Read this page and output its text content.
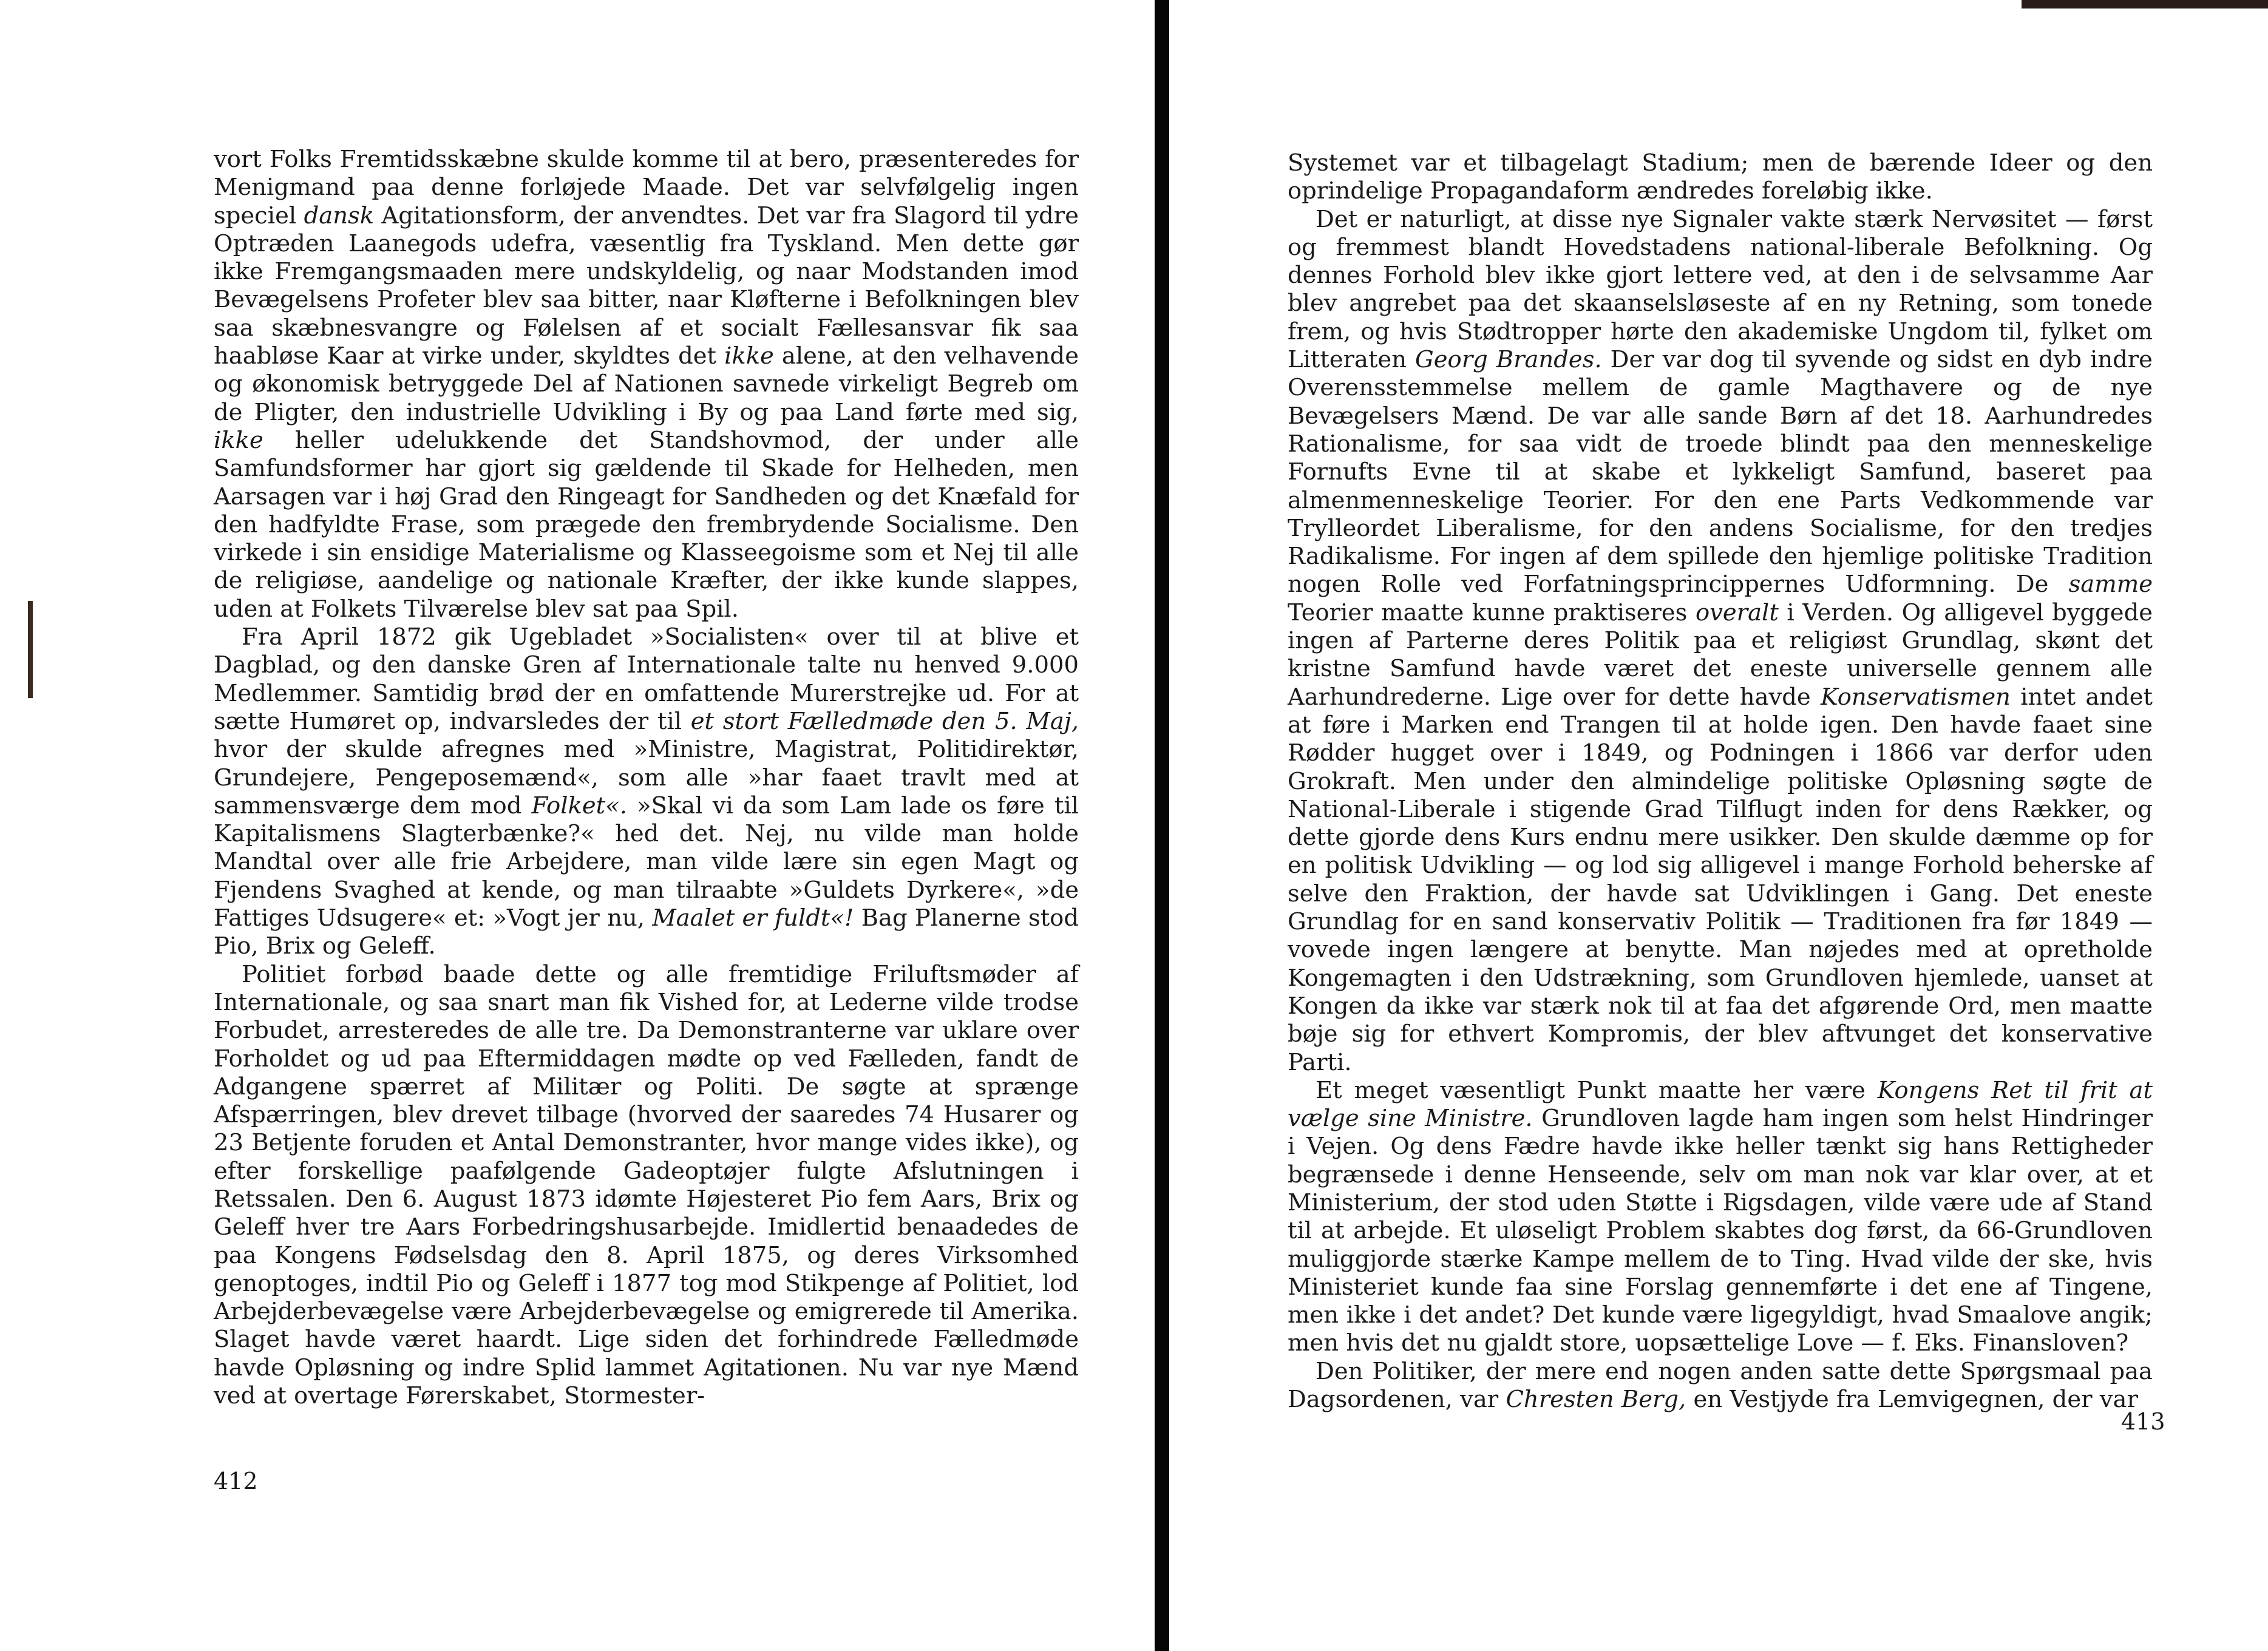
vort Folks Fremtidsskæbne skulde komme til at bero, præsenteredes for Menigmand paa denne forløjede Maade. Det var selvfølgelig ingen speciel dansk Agitationsform, der anvendtes. Det var fra Slagord til ydre Optræden Laanegods udefra, væsentlig fra Tyskland. Men dette gør ikke Fremgangsmaaden mere undskyldelig, og naar Modstanden imod Bevægelsens Profeter blev saa bitter, naar Kløfterne i Befolkningen blev saa skæbnesvangre og Følelsen af et socialt Fællesansvar fik saa haabløse Kaar at virke under, skyldtes det ikke alene, at den velhavende og økonomisk betryggede Del af Nationen savnede virkeligt Begreb om de Pligter, den industrielle Udvikling i By og paa Land førte med sig, ikke heller udelukkende det Standshovmod, der under alle Samfundsformer har gjort sig gældende til Skade for Helheden, men Aarsagen var i høj Grad den Ringeagt for Sandheden og det Knæfald for den hadfyldte Frase, som prægede den frembrydende Socialisme. Den virkede i sin ensidige Materialisme og Klasseegoisme som et Nej til alle de religiøse, aandelige og nationale Kræfter, der ikke kunde slappes, uden at Folkets Tilværelse blev sat paa Spil.

Fra April 1872 gik Ugebladet »Socialisten« over til at blive et Dagblad, og den danske Gren af Internationale talte nu henved 9.000 Medlemmer. Samtidig brød der en omfattende Murerstrejke ud. For at sætte Humøret op, indvarsledes der til et stort Fælledmøde den 5. Maj, hvor der skulde afregnes med »Ministre, Magistrat, Politidirektør, Grundejere, Pengeposemænd«, som alle »har faaet travlt med at sammensværge dem mod Folket«. »Skal vi da som Lam lade os føre til Kapitalismens Slagterbænke?« hed det. Nej, nu vilde man holde Mandtal over alle frie Arbejdere, man vilde lære sin egen Magt og Fjendens Svaghed at kende, og man tilraabte »Guldets Dyrkere«, »de Fattiges Udsugere« et: »Vogt jer nu, Maalet er fuldt«! Bag Planerne stod Pio, Brix og Geleff.

Politiet forbød baade dette og alle fremtidige Friluftsmøder af Internationale, og saa snart man fik Vished for, at Lederne vilde trodse Forbudet, arresteredes de alle tre. Da Demonstranterne var uklare over Forholdet og ud paa Eftermiddagen mødte op ved Fælleden, fandt de Adgangene spærret af Militær og Politi. De søgte at sprænge Afspærringen, blev drevet tilbage (hvorved der saaredes 74 Husarer og 23 Betjente foruden et Antal Demonstranter, hvor mange vides ikke), og efter forskellige paafølgende Gadeoptøjer fulgte Afslutningen i Retssalen. Den 6. August 1873 idømte Højesteret Pio fem Aars, Brix og Geleff hver tre Aars Forbedringshusarbejde. Imidlertid benaadedes de paa Kongens Fødselsdag den 8. April 1875, og deres Virksomhed genoptoges, indtil Pio og Geleff i 1877 tog mod Stikpenge af Politiet, lod Arbejderbevægelse være Arbejderbevægelse og emigrerede til Amerika. Slaget havde været haardt. Lige siden det forhindrede Fælledmøde havde Opløsning og indre Splid lammet Agitationen. Nu var nye Mænd ved at overtage Førerskabet, Stormester-

412

Systemet var et tilbagelagt Stadium; men de bærende Ideer og den oprindelige Propagandaform ændredes foreløbig ikke.

Det er naturligt, at disse nye Signaler vakte stærk Nervøsitet — først og fremmest blandt Hovedstadens national-liberale Befolkning. Og dennes Forhold blev ikke gjort lettere ved, at den i de selvsamme Aar blev angrebet paa det skaanselsløseste af en ny Retning, som tonede frem, og hvis Stødtropper hørte den akademiske Ungdom til, fylket om Litteraten Georg Brandes. Der var dog til syvende og sidst en dyb indre Overensstemmelse mellem de gamle Magthavere og de nye Bevægelsers Mænd. De var alle sande Børn af det 18. Aarhundredes Rationalisme, for saa vidt de troede blindt paa den menneskelige Fornufts Evne til at skabe et lykkeligt Samfund, baseret paa almenmenneskelige Teorier. For den ene Parts Vedkommende var Trylleordet Liberalisme, for den andens Socialisme, for den tredjes Radikalisme. For ingen af dem spillede den hjemlige politiske Tradition nogen Rolle ved Forfatningsprincippernes Udformning. De samme Teorier maatte kunne praktiseres overalt i Verden. Og alligevel byggede ingen af Parterne deres Politik paa et religiøst Grundlag, skønt det kristne Samfund havde været det eneste universelle gennem alle Aarhundrederne. Lige over for dette havde Konservatismen intet andet at føre i Marken end Trangen til at holde igen. Den havde faaet sine Rødder hugget over i 1849, og Podningen i 1866 var derfor uden Grokraft. Men under den almindelige politiske Opløsning søgte de National-Liberale i stigende Grad Tilflugt inden for dens Rækker, og dette gjorde dens Kurs endnu mere usikker. Den skulde dæmme op for en politisk Udvikling — og lod sig alligevel i mange Forhold beherske af selve den Fraktion, der havde sat Udviklingen i Gang. Det eneste Grundlag for en sand konservativ Politik — Traditionen fra før 1849 — vovede ingen længere at benytte. Man nøjedes med at opretholde Kongemagten i den Udstrækning, som Grundloven hjemlede, uanset at Kongen da ikke var stærk nok til at faa det afgørende Ord, men maatte bøje sig for ethvert Kompromis, der blev aftvunget det konservative Parti.

Et meget væsentligt Punkt maatte her være Kongens Ret til frit at vælge sine Ministre. Grundloven lagde ham ingen som helst Hindringer i Vejen. Og dens Fædre havde ikke heller tænkt sig hans Rettigheder begrænsede i denne Henseende, selv om man nok var klar over, at et Ministerium, der stod uden Støtte i Rigsdagen, vilde være ude af Stand til at arbejde. Et uløseligt Problem skabtes dog først, da 66-Grundloven muliggjorde stærke Kampe mellem de to Ting. Hvad vilde der ske, hvis Ministeriet kunde faa sine Forslag gennemførte i det ene af Tingene, men ikke i det andet? Det kunde være ligegyldigt, hvad Smaalove angik; men hvis det nu gjaldt store, uopsættelige Love — f. Eks. Finansloven?

Den Politiker, der mere end nogen anden satte dette Spørgsmaal paa Dagsordenen, var Chresten Berg, en Vestjyde fra Lemvigegnen, der var

413
